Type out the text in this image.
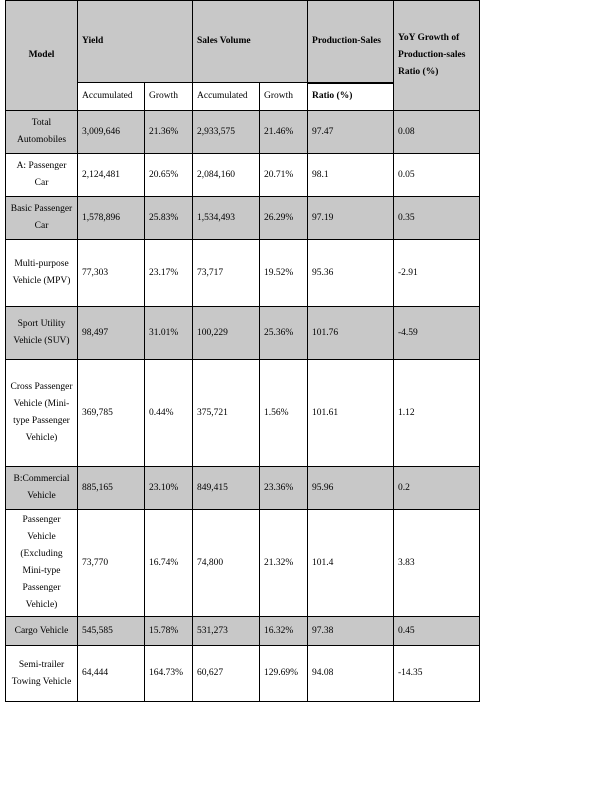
Model	Yield		Sales Volume		Production-Sales	YoY Growth of Production-sales Ratio (%)
	Accumulated	Growth	Accumulated	Growth	Ratio (%)	
Total Automobiles	3,009,646	21.36%	2,933,575	21.46%	97.47	0.08
A: Passenger Car	2,124,481	20.65%	2,084,160	20.71%	98.1	0.05
Basic Passenger Car	1,578,896	25.83%	1,534,493	26.29%	97.19	0.35
Multi-purpose Vehicle (MPV)	77,303	23.17%	73,717	19.52%	95.36	-2.91
Sport Utility Vehicle (SUV)	98,497	31.01%	100,229	25.36%	101.76	-4.59
Cross Passenger Vehicle (Mini-type Passenger Vehicle)	369,785	0.44%	375,721	1.56%	101.61	1.12
B:Commercial Vehicle	885,165	23.10%	849,415	23.36%	95.96	0.2
Passenger Vehicle (Excluding Mini-type Passenger Vehicle)	73,770	16.74%	74,800	21.32%	101.4	3.83
Cargo Vehicle	545,585	15.78%	531,273	16.32%	97.38	0.45
Semi-trailer Towing Vehicle	64,444	164.73%	60,627	129.69%	94.08	-14.35
